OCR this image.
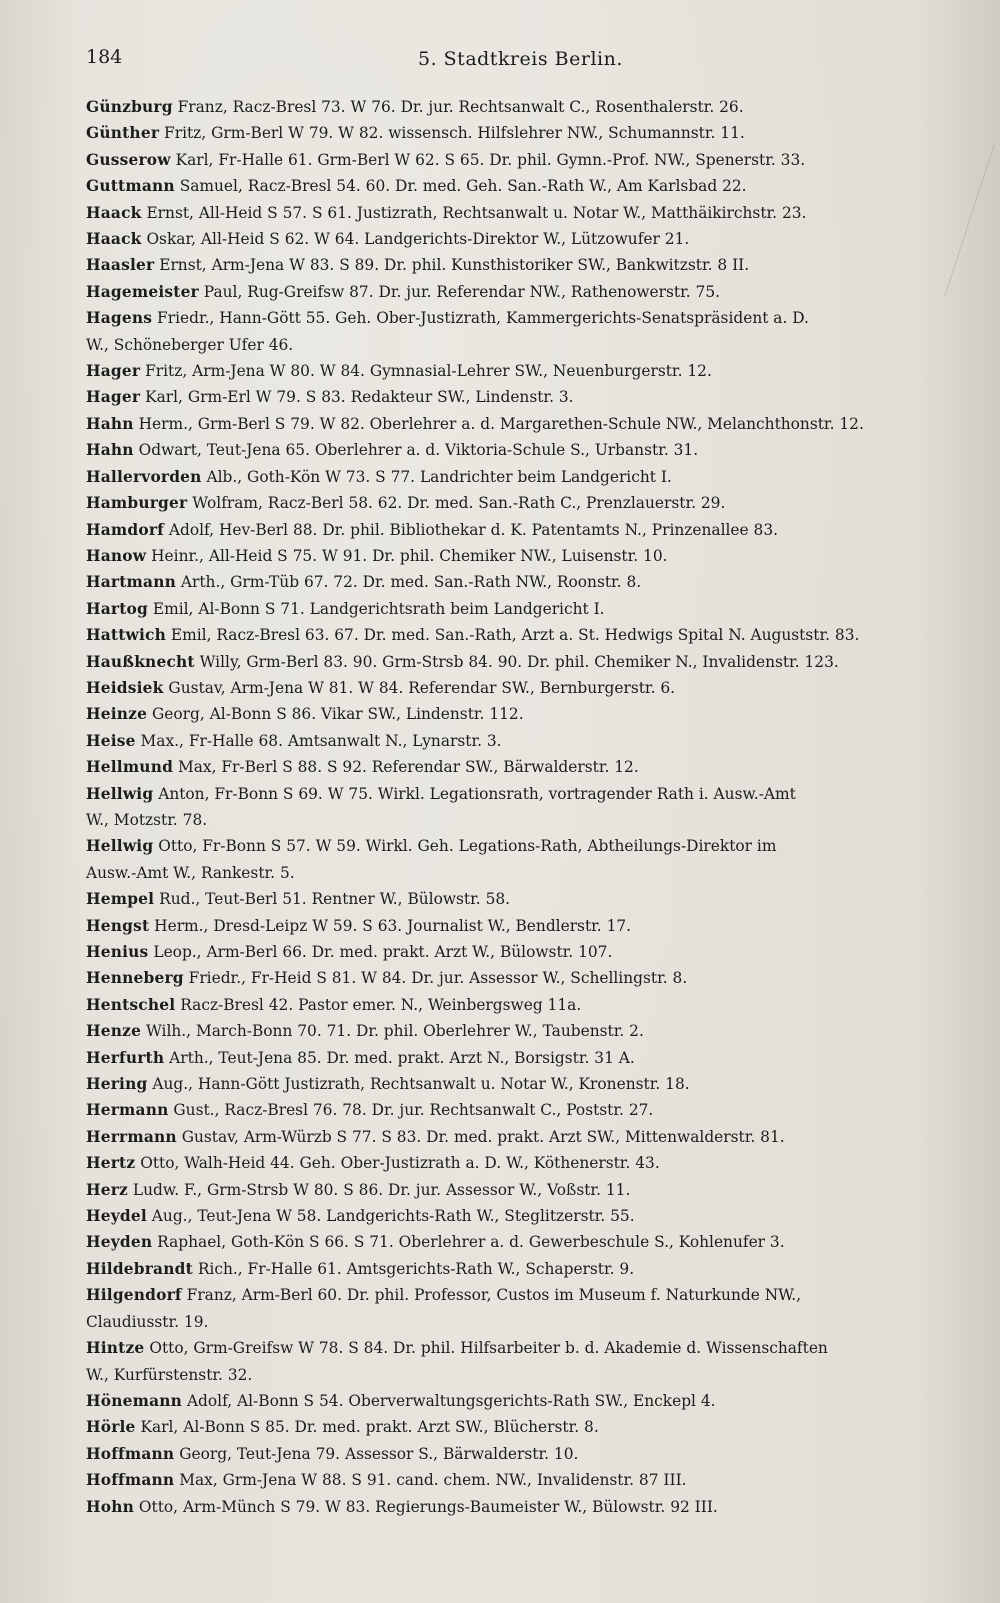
184	5. Stadtkreis Berlin.

Günzburg Franz, Racz-Bresl 73. W 76. Dr. jur. Rechtsanwalt C., Rosenthalerstr. 26.

Günther Fritz, Grm-Berl W 79. W 82. wissensch. Hilfslehrer NW., Schumannstr. 11.

Gusserow Karl, Fr-Halle 61. Grm-Berl W 62. S 65. Dr. phil. Gymn.-Prof. NW., Spenerstr. 33.

Guttmann Samuel, Racz-Bresl 54. 60. Dr. med. Geh. San.-Rath W., Am Karlsbad 22.

Haack Ernst, All-Heid S 57. S 61. Justizrath, Rechtsanwalt u. Notar W., Matthäikirchstr. 23.

Haack Oskar, All-Heid S 62. W 64. Landgerichts-Direktor W., Lützowufer 21.

Haasler Ernst, Arm-Jena W 83. S 89. Dr. phil. Kunsthistoriker SW., Bankwitzstr. 8 II.

Hagemeister Paul, Rug-Greifsw 87. Dr. jur. Referendar NW., Rathenowerstr. 75.

Hagens Friedr., Hann-Gött 55. Geh. Ober-Justizrath, Kammergerichts-Senatspräsident a. D.
W., Schöneberger Ufer 46.

Hager Fritz, Arm-Jena W 80. W 84. Gymnasial-Lehrer SW., Neuenburgerstr. 12.

Hager Karl, Grm-Erl W 79. S 83. Redakteur SW., Lindenstr. 3.

Hahn Herm., Grm-Berl S 79. W 82. Oberlehrer a. d. Margarethen-Schule NW., Melanchthonstr. 12.

Hahn Odwart, Teut-Jena 65. Oberlehrer a. d. Viktoria-Schule S., Urbanstr. 31.

Hallervorden Alb., Goth-Kön W 73. S 77. Landrichter beim Landgericht I.

Hamburger Wolfram, Racz-Berl 58. 62. Dr. med. San.-Rath C., Prenzlauerstr. 29.

Hamdorf Adolf, Hev-Berl 88. Dr. phil. Bibliothekar d. K. Patentamts N., Prinzenallee 83.

Hanow Heinr., All-Heid S 75. W 91. Dr. phil. Chemiker NW., Luisenstr. 10.

Hartmann Arth., Grm-Tüb 67. 72. Dr. med. San.-Rath NW., Roonstr. 8.

Hartog Emil, Al-Bonn S 71. Landgerichtsrath beim Landgericht I.

Hattwich Emil, Racz-Bresl 63. 67. Dr. med. San.-Rath, Arzt a. St. Hedwigs Spital N. Auguststr. 83.

Haußknecht Willy, Grm-Berl 83. 90. Grm-Strsb 84. 90. Dr. phil. Chemiker N., Invalidenstr. 123.

Heidsiek Gustav, Arm-Jena W 81. W 84. Referendar SW., Bernburgerstr. 6.

Heinze Georg, Al-Bonn S 86. Vikar SW., Lindenstr. 112.

Heise Max., Fr-Halle 68. Amtsanwalt N., Lynarstr. 3.

Hellmund Max, Fr-Berl S 88. S 92. Referendar SW., Bärwalderstr. 12.

Hellwig Anton, Fr-Bonn S 69. W 75. Wirkl. Legationsrath, vortragender Rath i. Ausw.-Amt
W., Motzstr. 78.

Hellwig Otto, Fr-Bonn S 57. W 59. Wirkl. Geh. Legations-Rath, Abtheilungs-Direktor im
Ausw.-Amt W., Rankestr. 5.

Hempel Rud., Teut-Berl 51. Rentner W., Bülowstr. 58.

Hengst Herm., Dresd-Leipz W 59. S 63. Journalist W., Bendlerstr. 17.

Henius Leop., Arm-Berl 66. Dr. med. prakt. Arzt W., Bülowstr. 107.

Henneberg Friedr., Fr-Heid S 81. W 84. Dr. jur. Assessor W., Schellingstr. 8.

Hentschel Racz-Bresl 42. Pastor emer. N., Weinbergsweg 11a.

Henze Wilh., March-Bonn 70. 71. Dr. phil. Oberlehrer W., Taubenstr. 2.

Herfurth Arth., Teut-Jena 85. Dr. med. prakt. Arzt N., Borsigstr. 31 A.

Hering Aug., Hann-Gött Justizrath, Rechtsanwalt u. Notar W., Kronenstr. 18.

Hermann Gust., Racz-Bresl 76. 78. Dr. jur. Rechtsanwalt C., Poststr. 27.

Herrmann Gustav, Arm-Würzb S 77. S 83. Dr. med. prakt. Arzt SW., Mittenwalderstr. 81.

Hertz Otto, Walh-Heid 44. Geh. Ober-Justizrath a. D. W., Köthenerstr. 43.

Herz Ludw. F., Grm-Strsb W 80. S 86. Dr. jur. Assessor W., Voßstr. 11.

Heydel Aug., Teut-Jena W 58. Landgerichts-Rath W., Steglitzerstr. 55.

Heyden Raphael, Goth-Kön S 66. S 71. Oberlehrer a. d. Gewerbeschule S., Kohlenufer 3.

Hildebrandt Rich., Fr-Halle 61. Amtsgerichts-Rath W., Schaperstr. 9.

Hilgendorf Franz, Arm-Berl 60. Dr. phil. Professor, Custos im Museum f. Naturkunde NW.,
Claudiusstr. 19.

Hintze Otto, Grm-Greifsw W 78. S 84. Dr. phil. Hilfsarbeiter b. d. Akademie d. Wissenschaften
W., Kurfürstenstr. 32.

Hönemann Adolf, Al-Bonn S 54. Oberverwaltungsgerichts-Rath SW., Enckepl 4.

Hörle Karl, Al-Bonn S 85. Dr. med. prakt. Arzt SW., Blücherstr. 8.

Hoffmann Georg, Teut-Jena 79. Assessor S., Bärwalderstr. 10.

Hoffmann Max, Grm-Jena W 88. S 91. cand. chem. NW., Invalidenstr. 87 III.

Hohn Otto, Arm-Münch S 79. W 83. Regierungs-Baumeister W., Bülowstr. 92 III.
